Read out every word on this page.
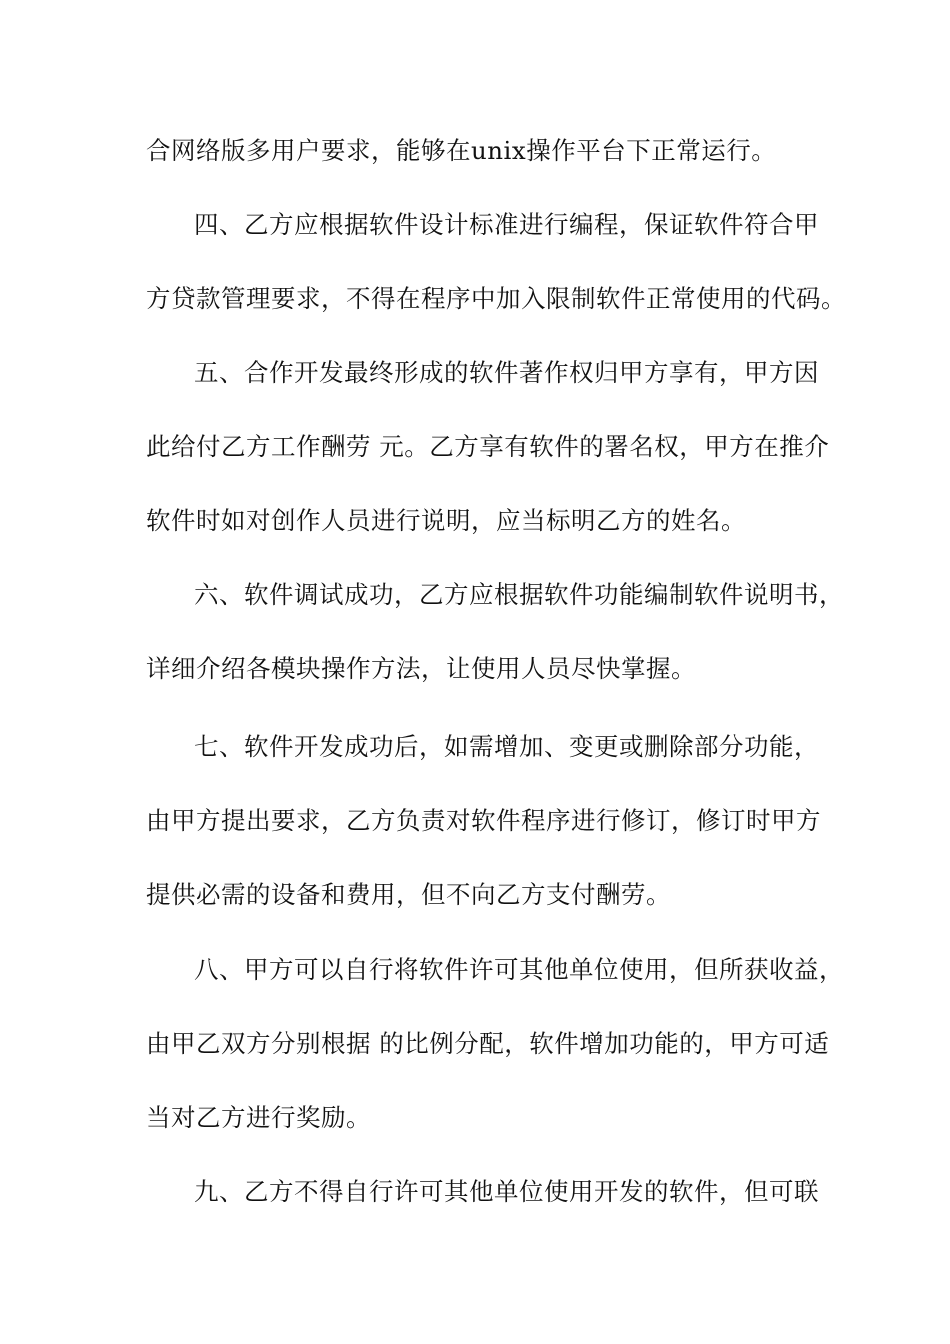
合网络版多用户要求，能够在unix操作平台下正常运行。
四、乙方应根据软件设计标准进行编程，保证软件符合甲
方贷款管理要求，不得在程序中加入限制软件正常使用的代码。
五、合作开发最终形成的软件著作权归甲方享有，甲方因
此给付乙方工作酬劳 元。乙方享有软件的署名权，甲方在推介
软件时如对创作人员进行说明，应当标明乙方的姓名。
六、软件调试成功，乙方应根据软件功能编制软件说明书，
详细介绍各模块操作方法，让使用人员尽快掌握。
七、软件开发成功后，如需增加、变更或删除部分功能，
由甲方提出要求，乙方负责对软件程序进行修订，修订时甲方
提供必需的设备和费用，但不向乙方支付酬劳。
八、甲方可以自行将软件许可其他单位使用，但所获收益，
由甲乙双方分别根据 的比例分配，软件增加功能的，甲方可适
当对乙方进行奖励。
九、乙方不得自行许可其他单位使用开发的软件，但可联
